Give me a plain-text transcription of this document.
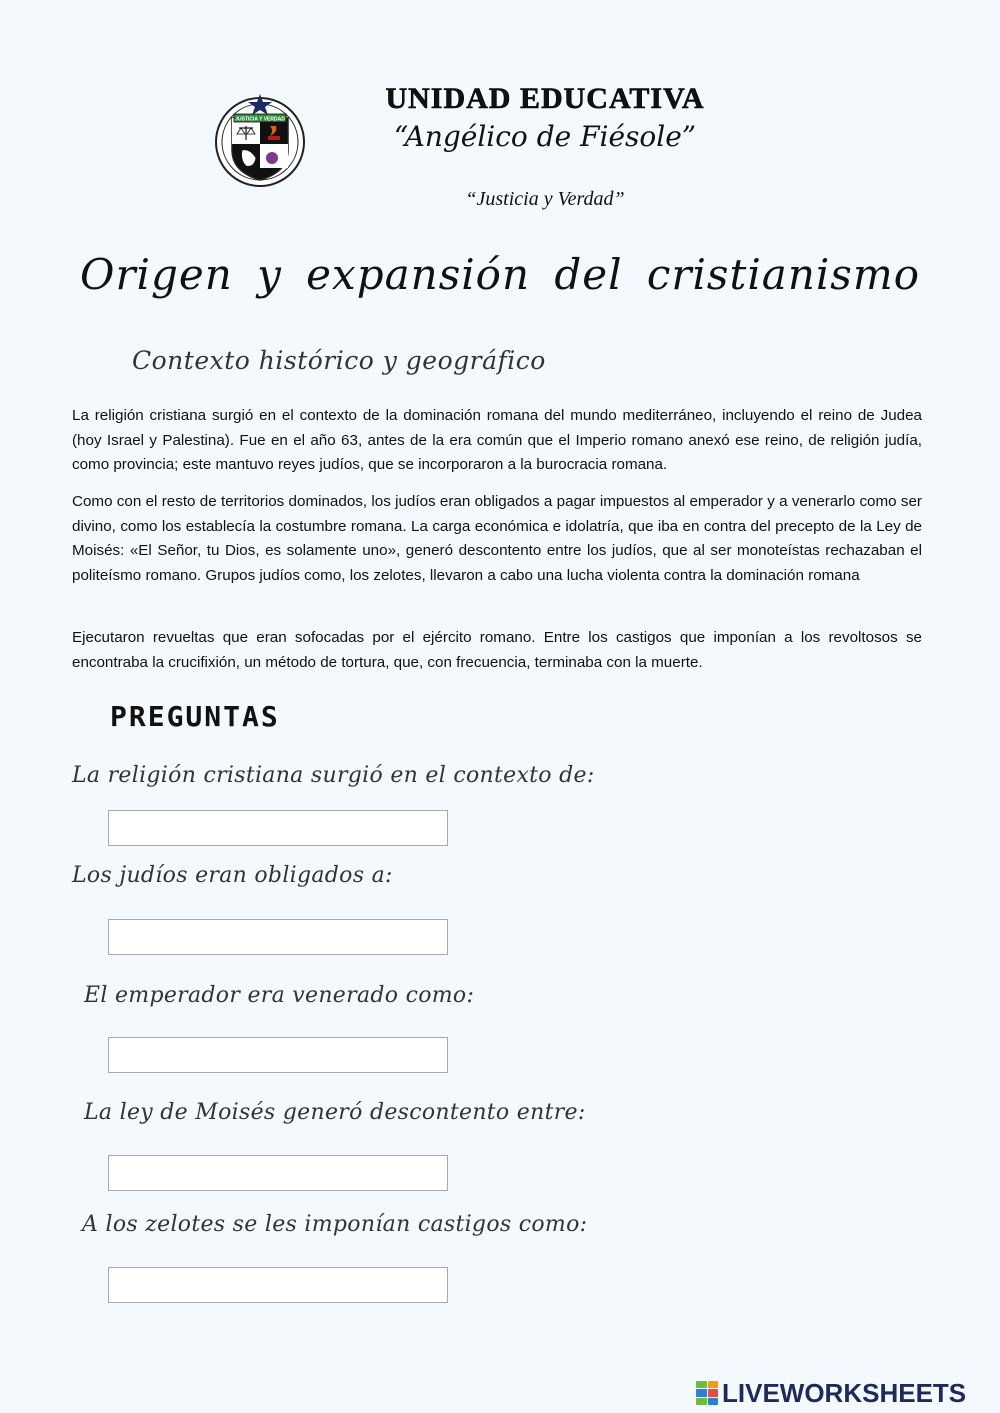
JUSTICIA Y VERDAD
UNIDAD EDUCATIVA
“Angélico de Fiésole”
“Justicia y Verdad”
Origen y expansión del cristianismo
Contexto histórico y geográfico
La religión cristiana surgió en el contexto de la dominación romana del mundo mediterráneo, incluyendo el reino de Judea (hoy Israel y Palestina). Fue en el año 63, antes de la era común que el Imperio romano anexó ese reino, de religión judía, como provincia; este mantuvo reyes judíos, que se incorporaron a la burocracia romana.
Como con el resto de territorios dominados, los judíos eran obligados a pagar impuestos al emperador y a venerarlo como ser divino, como los establecía la costumbre romana. La carga económica e idolatría, que iba en contra del precepto de la Ley de Moisés: «El Señor, tu Dios, es solamente uno», generó descontento entre los judíos, que al ser monoteístas rechazaban el politeísmo romano. Grupos judíos como, los zelotes, llevaron a cabo una lucha violenta contra la dominación romana
Ejecutaron revueltas que eran sofocadas por el ejército romano. Entre los castigos que imponían a los revoltosos se encontraba la crucifixión, un método de tortura, que, con frecuencia, terminaba con la muerte.
PREGUNTAS
La religión cristiana surgió en el contexto de:
Los judíos eran obligados a:
El emperador era venerado como:
La ley de Moisés generó descontento entre:
A los zelotes se les imponían castigos como:
LIVEWORKSHEETS
